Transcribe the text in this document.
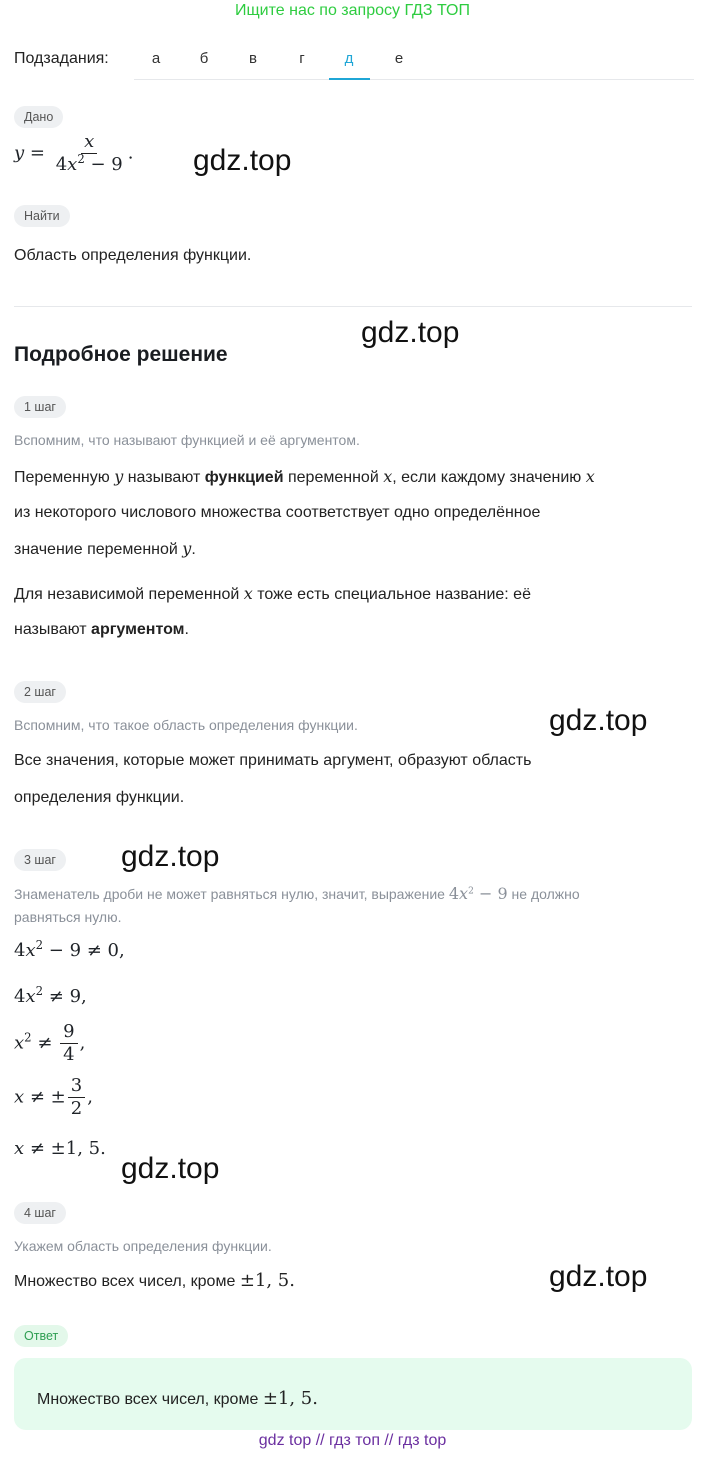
Ищите нас по запросу ГДЗ ТОП
Подзадания:	а	б	в	г	д	е
Дано
$y = \frac{x}{4x^2 - 9}$ . gdz.top
Найти
Область определения функции.
gdz.top
Подробное решение
1 шаг
Вспомним, что называют функцией и её аргументом.
Переменную y называют функцией переменной x, если каждому значению x
из некоторого числового множества соответствует одно определённое
значение переменной y.
Для независимой переменной x тоже есть специальное название: её
называют аргументом.
2 шаг
Вспомним, что такое область определения функции.	gdz.top
Все значения, которые может принимать аргумент, образуют область
определения функции.
3 шаг	gdz.top
Знаменатель дроби не может равняться нулю, значит, выражение $4x^2 - 9$ не должно
равняться нулю.
$4x^2 - 9 \ne 0$,
$4x^2 \ne 9$,
$x^2 \ne \frac{9}{4}$ ,
x ≠ ± $\frac{3}{2}$ ,
x ≠ ±1, 5.
gdz.top
4 шаг
Укажем область определения функции.
Множество всех чисел, кроме ±1, 5.	gdz.top
Ответ
Множество всех чисел, кроме ±1, 5.
gdz top // гдз топ // гдз top
